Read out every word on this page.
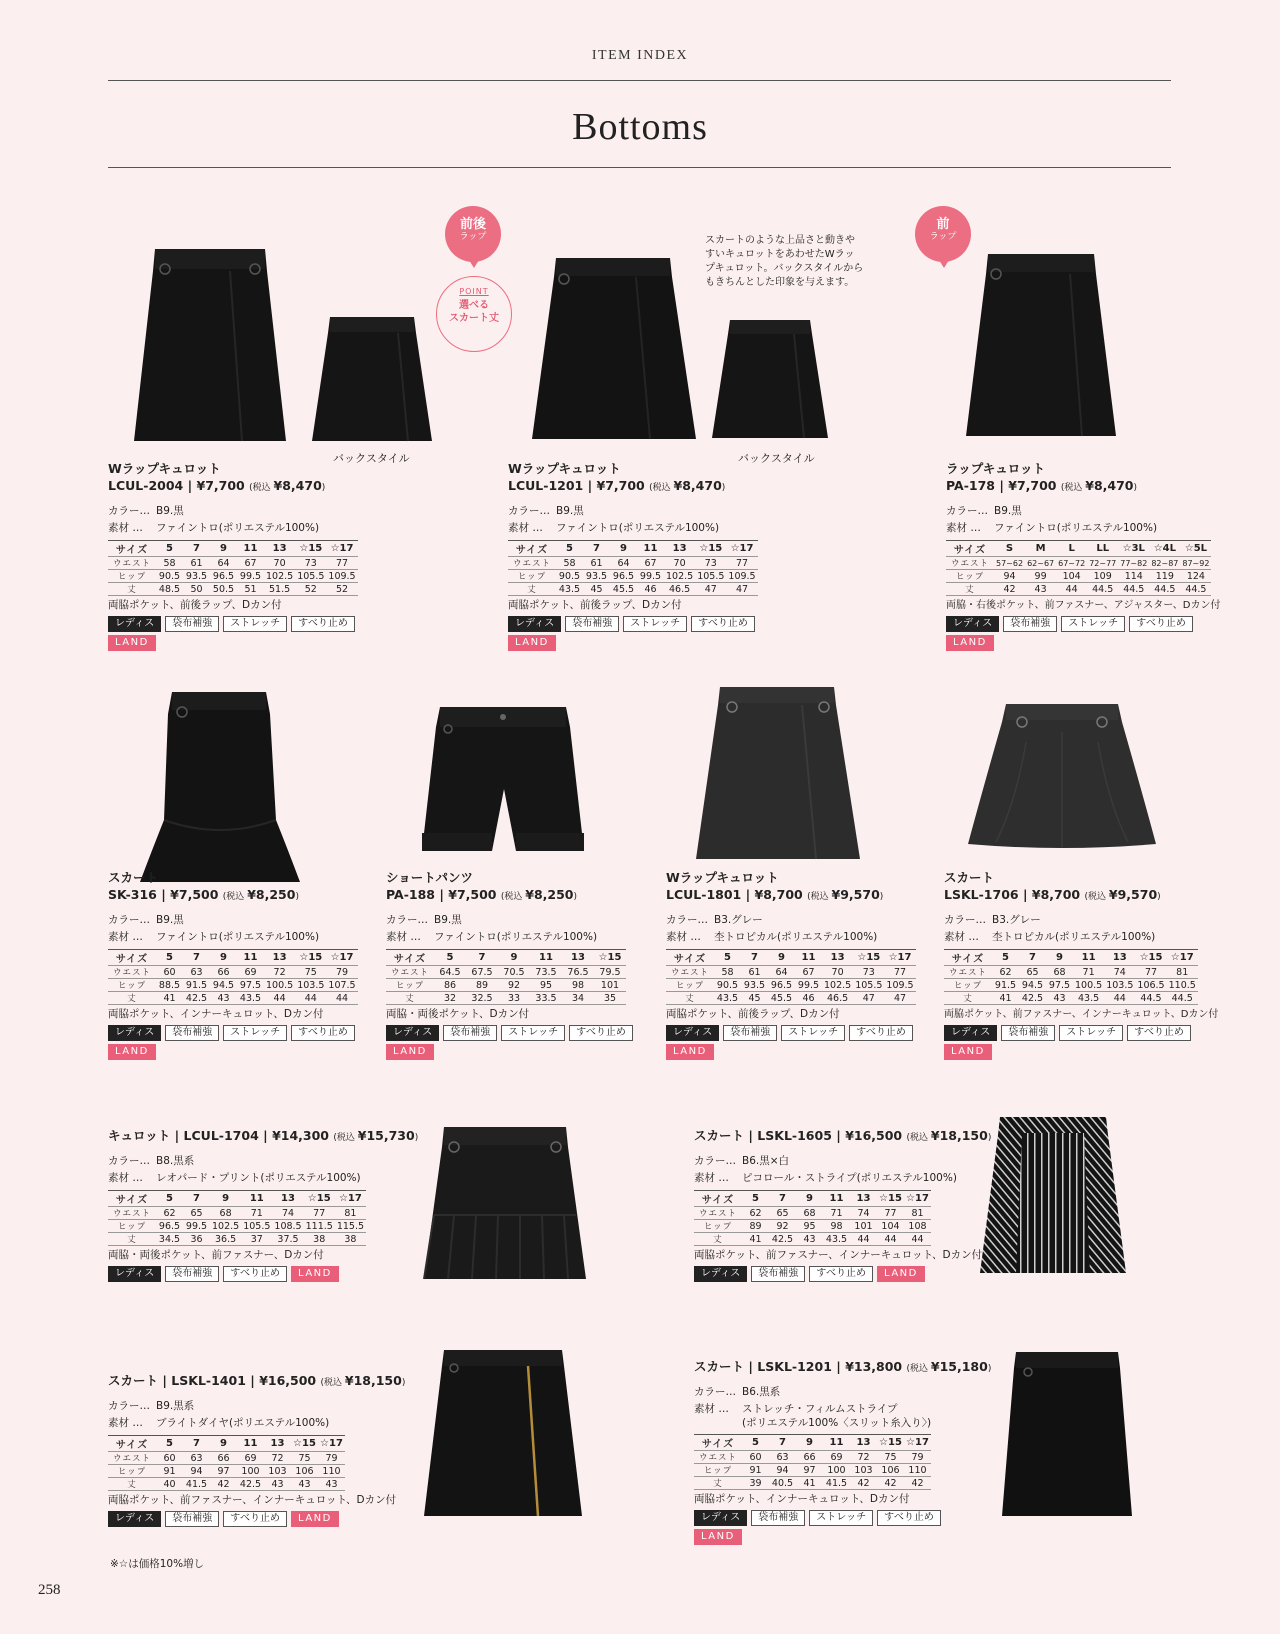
ITEM INDEX
Bottoms
前後
ラップ
POINT
選べる
スカート丈
前
ラップ
スカートのような上品さと動きや
すいキュロットをあわせたWラッ
プキュロット。バックスタイルから
もきちんとした印象を与えます。
バックスタイル	バックスタイル
Wラップキュロット
LCUL-2004 | ¥7,700 (税込 ¥8,470)
カラー… B9.黒
素材 … ファイントロ(ポリエステル100%)
サイズ	5	7	9	11	13	☆15	☆17
ウエスト	58	61	64	67	70	73	77
ヒップ	90.5	93.5	96.5	99.5	102.5	105.5	109.5
丈	48.5	50	50.5	51	51.5	52	52
両脇ポケット、前後ラップ、Dカン付
レディス 袋布補強 ストレッチ すべり止め
LAND
Wラップキュロット
LCUL-1201 | ¥7,700 (税込 ¥8,470)
カラー… B9.黒
素材 … ファイントロ(ポリエステル100%)
サイズ	5	7	9	11	13	☆15	☆17
ウエスト	58	61	64	67	70	73	77
ヒップ	90.5	93.5	96.5	99.5	102.5	105.5	109.5
丈	43.5	45	45.5	46	46.5	47	47
両脇ポケット、前後ラップ、Dカン付
レディス 袋布補強 ストレッチ すべり止め
LAND
ラップキュロット
PA-178 | ¥7,700 (税込 ¥8,470)
カラー… B9.黒
素材 … ファイントロ(ポリエステル100%)
サイズ	S	M	L	LL	☆3L	☆4L	☆5L
ウエスト	57~62	62~67	67~72	72~77	77~82	82~87	87~92
ヒップ	94	99	104	109	114	119	124
丈	42	43	44	44.5	44.5	44.5	44.5
両脇・右後ポケット、前ファスナー、アジャスター、Dカン付
レディス 袋布補強 ストレッチ すべり止め
LAND
スカート
SK-316 | ¥7,500 (税込 ¥8,250)
カラー… B9.黒
素材 … ファイントロ(ポリエステル100%)
サイズ	5	7	9	11	13	☆15	☆17
ウエスト	60	63	66	69	72	75	79
ヒップ	88.5	91.5	94.5	97.5	100.5	103.5	107.5
丈	41	42.5	43	43.5	44	44	44
両脇ポケット、インナーキュロット、Dカン付
レディス 袋布補強 ストレッチ すべり止め
LAND
ショートパンツ
PA-188 | ¥7,500 (税込 ¥8,250)
カラー… B9.黒
素材 … ファイントロ(ポリエステル100%)
サイズ	5	7	9	11	13	☆15
ウエスト	64.5	67.5	70.5	73.5	76.5	79.5
ヒップ	86	89	92	95	98	101
丈	32	32.5	33	33.5	34	35
両脇・両後ポケット、Dカン付
レディス 袋布補強 ストレッチ すべり止め
LAND
Wラップキュロット
LCUL-1801 | ¥8,700 (税込 ¥9,570)
カラー… B3.グレー
素材 … 杢トロピカル(ポリエステル100%)
サイズ	5	7	9	11	13	☆15	☆17
ウエスト	58	61	64	67	70	73	77
ヒップ	90.5	93.5	96.5	99.5	102.5	105.5	109.5
丈	43.5	45	45.5	46	46.5	47	47
両脇ポケット、前後ラップ、Dカン付
レディス 袋布補強 ストレッチ すべり止め
LAND
スカート
LSKL-1706 | ¥8,700 (税込 ¥9,570)
カラー… B3.グレー
素材 … 杢トロピカル(ポリエステル100%)
サイズ	5	7	9	11	13	☆15	☆17
ウエスト	62	65	68	71	74	77	81
ヒップ	91.5	94.5	97.5	100.5	103.5	106.5	110.5
丈	41	42.5	43	43.5	44	44.5	44.5
両脇ポケット、前ファスナー、インナーキュロット、Dカン付
レディス 袋布補強 ストレッチ すべり止め
LAND
キュロット | LCUL-1704 | ¥14,300 (税込 ¥15,730)
カラー… B8.黒系
素材 … レオパード・プリント(ポリエステル100%)
サイズ	5	7	9	11	13	☆15	☆17
ウエスト	62	65	68	71	74	77	81
ヒップ	96.5	99.5	102.5	105.5	108.5	111.5	115.5
丈	34.5	36	36.5	37	37.5	38	38
両脇・両後ポケット、前ファスナー、Dカン付
レディス 袋布補強 すべり止め LAND
スカート | LSKL-1605 | ¥16,500 (税込 ¥18,150)
カラー… B6.黒×白
素材 … ピコロール・ストライプ(ポリエステル100%)
サイズ	5	7	9	11	13	☆15	☆17
ウエスト	62	65	68	71	74	77	81
ヒップ	89	92	95	98	101	104	108
丈	41	42.5	43	43.5	44	44	44
両脇ポケット、前ファスナー、インナーキュロット、Dカン付
レディス 袋布補強 すべり止め LAND
スカート | LSKL-1401 | ¥16,500 (税込 ¥18,150)
カラー… B9.黒系
素材 … ブライトダイヤ(ポリエステル100%)
サイズ	5	7	9	11	13	☆15	☆17
ウエスト	60	63	66	69	72	75	79
ヒップ	91	94	97	100	103	106	110
丈	40	41.5	42	42.5	43	43	43
両脇ポケット、前ファスナー、インナーキュロット、Dカン付
レディス 袋布補強 すべり止め LAND
スカート | LSKL-1201 | ¥13,800 (税込 ¥15,180)
カラー… B6.黒系
素材 … ストレッチ・フィルムストライプ
(ポリエステル100%〈スリット糸入り〉)
サイズ	5	7	9	11	13	☆15	☆17
ウエスト	60	63	66	69	72	75	79
ヒップ	91	94	97	100	103	106	110
丈	39	40.5	41	41.5	42	42	42
両脇ポケット、インナーキュロット、Dカン付
レディス 袋布補強 ストレッチ すべり止め
LAND
※☆は価格10%増し
258
